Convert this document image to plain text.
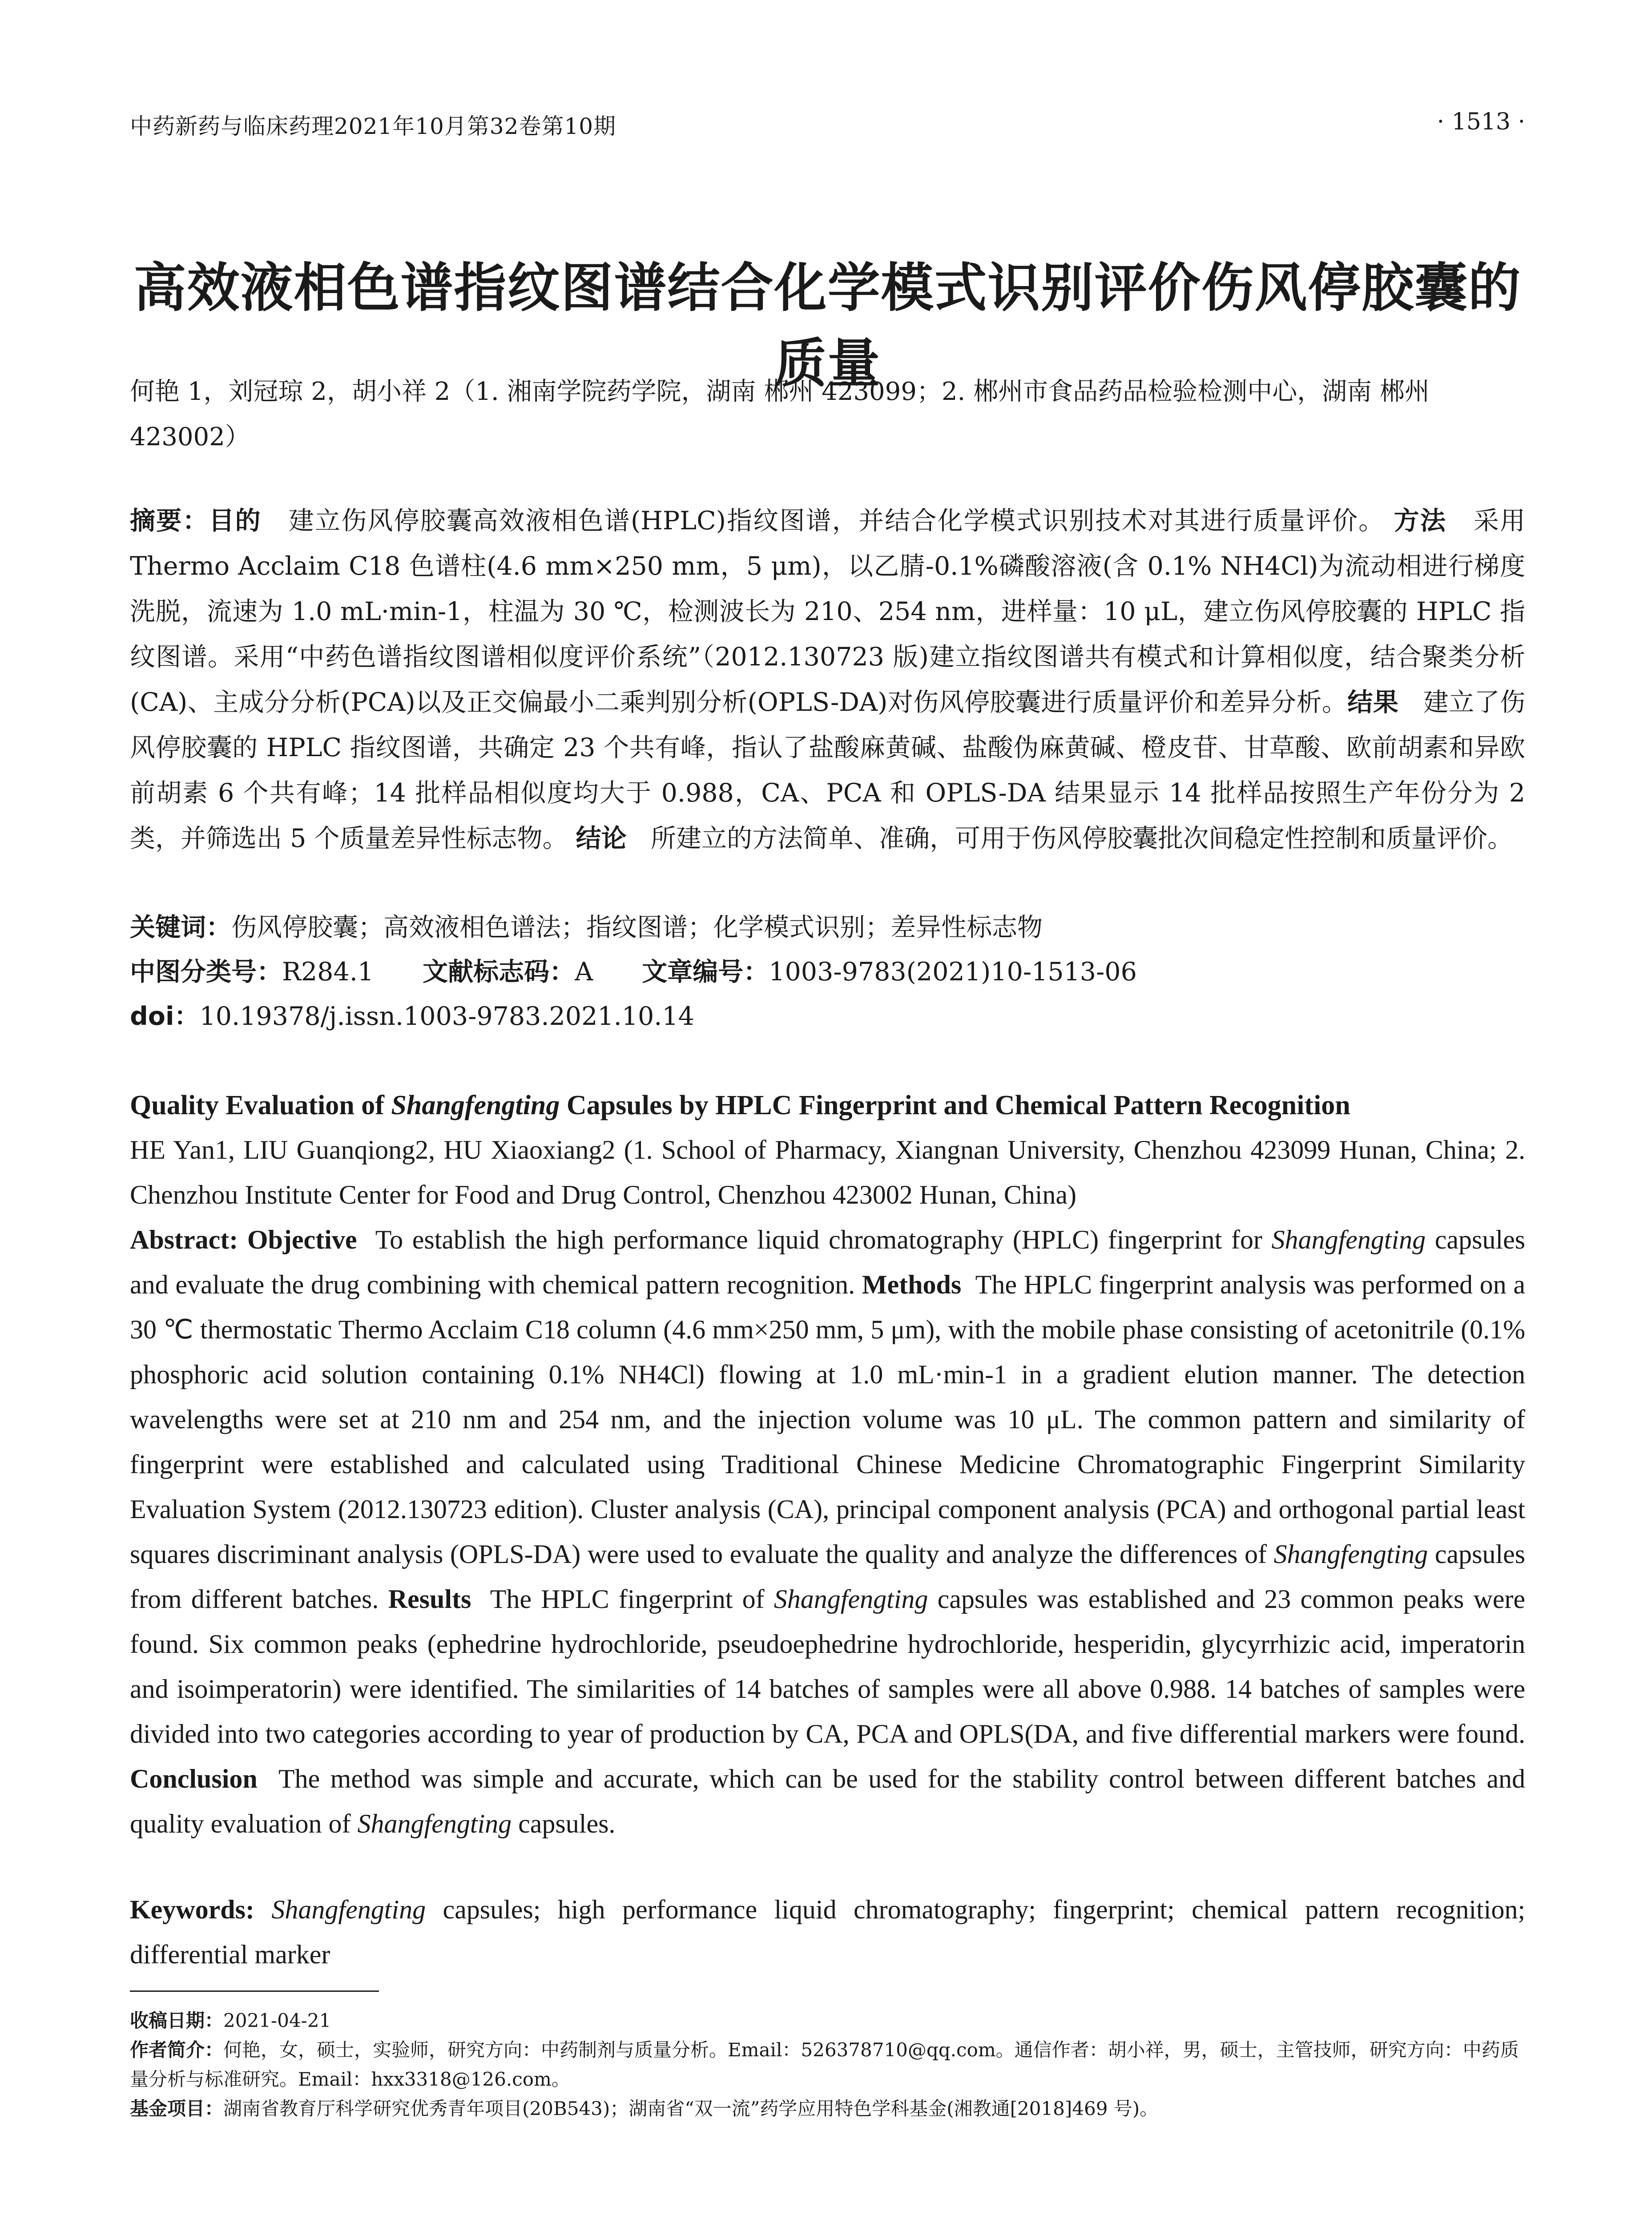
中药新药与临床药理2021年10月第32卷第10期	· 1513 ·
高效液相色谱指纹图谱结合化学模式识别评价伤风停胶囊的质量
何艳 1，刘冠琼 2，胡小祥 2（1. 湘南学院药学院，湖南 郴州 423099；2. 郴州市食品药品检验检测中心，湖南 郴州 423002）
摘要：目的 建立伤风停胶囊高效液相色谱(HPLC)指纹图谱，并结合化学模式识别技术对其进行质量评价。 方法 采用 Thermo Acclaim C18 色谱柱(4.6 mm×250 mm，5 μm)，以乙腈-0.1%磷酸溶液(含 0.1% NH4Cl)为流动相进行梯度洗脱，流速为 1.0 mL·min-1，柱温为 30 ℃，检测波长为 210、254 nm，进样量：10 μL，建立伤风停胶囊的 HPLC 指纹图谱。采用“中药色谱指纹图谱相似度评价系统”（2012.130723 版)建立指纹图谱共有模式和计算相似度，结合聚类分析(CA)、主成分分析(PCA)以及正交偏最小二乘判别分析(OPLS-DA)对伤风停胶囊进行质量评价和差异分析。结果 建立了伤风停胶囊的 HPLC 指纹图谱，共确定 23 个共有峰，指认了盐酸麻黄碱、盐酸伪麻黄碱、橙皮苷、甘草酸、欧前胡素和异欧前胡素 6 个共有峰；14 批样品相似度均大于 0.988，CA、PCA 和 OPLS-DA 结果显示 14 批样品按照生产年份分为 2 类，并筛选出 5 个质量差异性标志物。 结论 所建立的方法简单、准确，可用于伤风停胶囊批次间稳定性控制和质量评价。
关键词：伤风停胶囊；高效液相色谱法；指纹图谱；化学模式识别；差异性标志物
中图分类号：R284.1 文献标志码：A 文章编号：1003-9783(2021)10-1513-06
doi：10.19378/j.issn.1003-9783.2021.10.14
Quality Evaluation of Shangfengting Capsules by HPLC Fingerprint and Chemical Pattern Recognition
HE Yan1, LIU Guanqiong2, HU Xiaoxiang2 (1. School of Pharmacy, Xiangnan University, Chenzhou 423099 Hunan, China; 2. Chenzhou Institute Center for Food and Drug Control, Chenzhou 423002 Hunan, China)
Abstract: Objective To establish the high performance liquid chromatography (HPLC) fingerprint for Shangfengting capsules and evaluate the drug combining with chemical pattern recognition. Methods The HPLC fingerprint analysis was performed on a 30 ℃ thermostatic Thermo Acclaim C18 column (4.6 mm×250 mm, 5 μm), with the mobile phase consisting of acetonitrile (0.1% phosphoric acid solution containing 0.1% NH4Cl) flowing at 1.0 mL·min-1 in a gradient elution manner. The detection wavelengths were set at 210 nm and 254 nm, and the injection volume was 10 μL. The common pattern and similarity of fingerprint were established and calculated using Traditional Chinese Medicine Chromatographic Fingerprint Similarity Evaluation System (2012.130723 edition). Cluster analysis (CA), principal component analysis (PCA) and orthogonal partial least squares discriminant analysis (OPLS-DA) were used to evaluate the quality and analyze the differences of Shangfengting capsules from different batches. Results The HPLC fingerprint of Shangfengting capsules was established and 23 common peaks were found. Six common peaks (ephedrine hydrochloride, pseudoephedrine hydrochloride, hesperidin, glycyrrhizic acid, imperatorin and isoimperatorin) were identified. The similarities of 14 batches of samples were all above 0.988. 14 batches of samples were divided into two categories according to year of production by CA, PCA and OPLS(DA, and five differential markers were found. Conclusion The method was simple and accurate, which can be used for the stability control between different batches and quality evaluation of Shangfengting capsules.
Keywords: Shangfengting capsules; high performance liquid chromatography; fingerprint; chemical pattern recognition; differential marker
收稿日期：2021-04-21
作者简介：何艳，女，硕士，实验师，研究方向：中药制剂与质量分析。Email：526378710@qq.com。通信作者：胡小祥，男，硕士，主管技师，研究方向：中药质量分析与标准研究。Email：hxx3318@126.com。
基金项目：湖南省教育厅科学研究优秀青年项目(20B543)；湖南省“双一流”药学应用特色学科基金(湘教通[2018]469 号)。
